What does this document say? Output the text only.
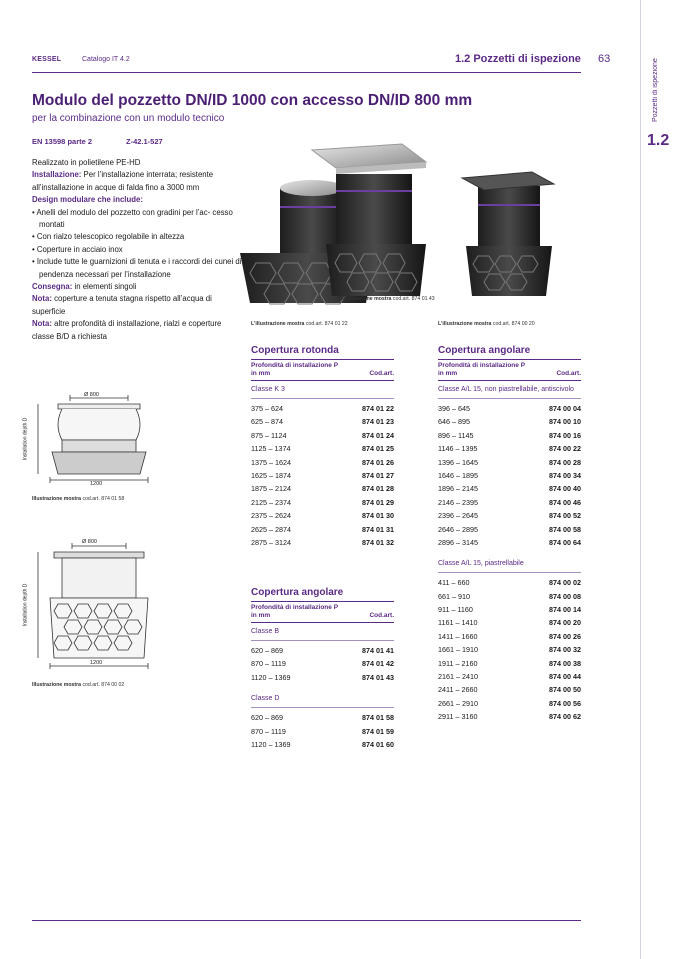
KESSEL	Catalogo IT 4.2	1.2 Pozzetti di ispezione 63	Pozzetti di ispezione
1.2
Modulo del pozzetto DN/ID 1000 con accesso DN/ID 800 mm
per la combinazione con un modulo tecnico
EN 13598 parte 2	Z-42.1-527
Realizzato in polietilene PE-HD
Installazione: Per l’installazione interrata; resistente all’installazione in acque di falda fino a 3000 mm
Design modulare che include:
• Anelli del modulo del pozzetto con gradini per l’ac- cesso montati
• Con rialzo telescopico regolabile in altezza
• Coperture in acciaio inox
• Include tutte le guarnizioni di tenuta e i raccordi dei cunei di pendenza necessari per l’installazione
Consegna: in elementi singoli
Nota: coperture a tenuta stagna rispetto all’acqua di superficie
Nota: altre profondità di installazione, rialzi e coperture classe B/D a richiesta
L'illustrazione mostra cod.art. 874 01 43
L'illustrazione mostra cod.art. 874 01 22	L'illustrazione mostra cod.art. 874 00 20
Ø 800
1200
Installation depth D
Illustrazione mostra cod.art. 874 01 58
Ø 800
1200
Installation depth D
Illustrazione mostra cod.art. 874 00 02
Copertura rotonda
Profondità di installazione P in mm	Cod.art.
Classe K 3
375 – 624	874 01 22
625 – 874	874 01 23
875 – 1124	874 01 24
1125 – 1374	874 01 25
1375 – 1624	874 01 26
1625 – 1874	874 01 27
1875 – 2124	874 01 28
2125 – 2374	874 01 29
2375 – 2624	874 01 30
2625 – 2874	874 01 31
2875 – 3124	874 01 32
Copertura angolare
Profondità di installazione P in mm	Cod.art.
Classe B
620 – 869	874 01 41
870 – 1119	874 01 42
1120 – 1369	874 01 43
Classe D
620 – 869	874 01 58
870 – 1119	874 01 59
1120 – 1369	874 01 60
Copertura angolare
Profondità di installazione P in mm	Cod.art.
Classe A/L 15, non piastrellabile, antiscivolo
396 – 645	874 00 04
646 – 895	874 00 10
896 – 1145	874 00 16
1146 – 1395	874 00 22
1396 – 1645	874 00 28
1646 – 1895	874 00 34
1896 – 2145	874 00 40
2146 – 2395	874 00 46
2396 – 2645	874 00 52
2646 – 2895	874 00 58
2896 – 3145	874 00 64
Classe A/L 15, piastrellabile
411 – 660	874 00 02
661 – 910	874 00 08
911 – 1160	874 00 14
1161 – 1410	874 00 20
1411 – 1660	874 00 26
1661 – 1910	874 00 32
1911 – 2160	874 00 38
2161 – 2410	874 00 44
2411 – 2660	874 00 50
2661 – 2910	874 00 56
2911 – 3160	874 00 62
